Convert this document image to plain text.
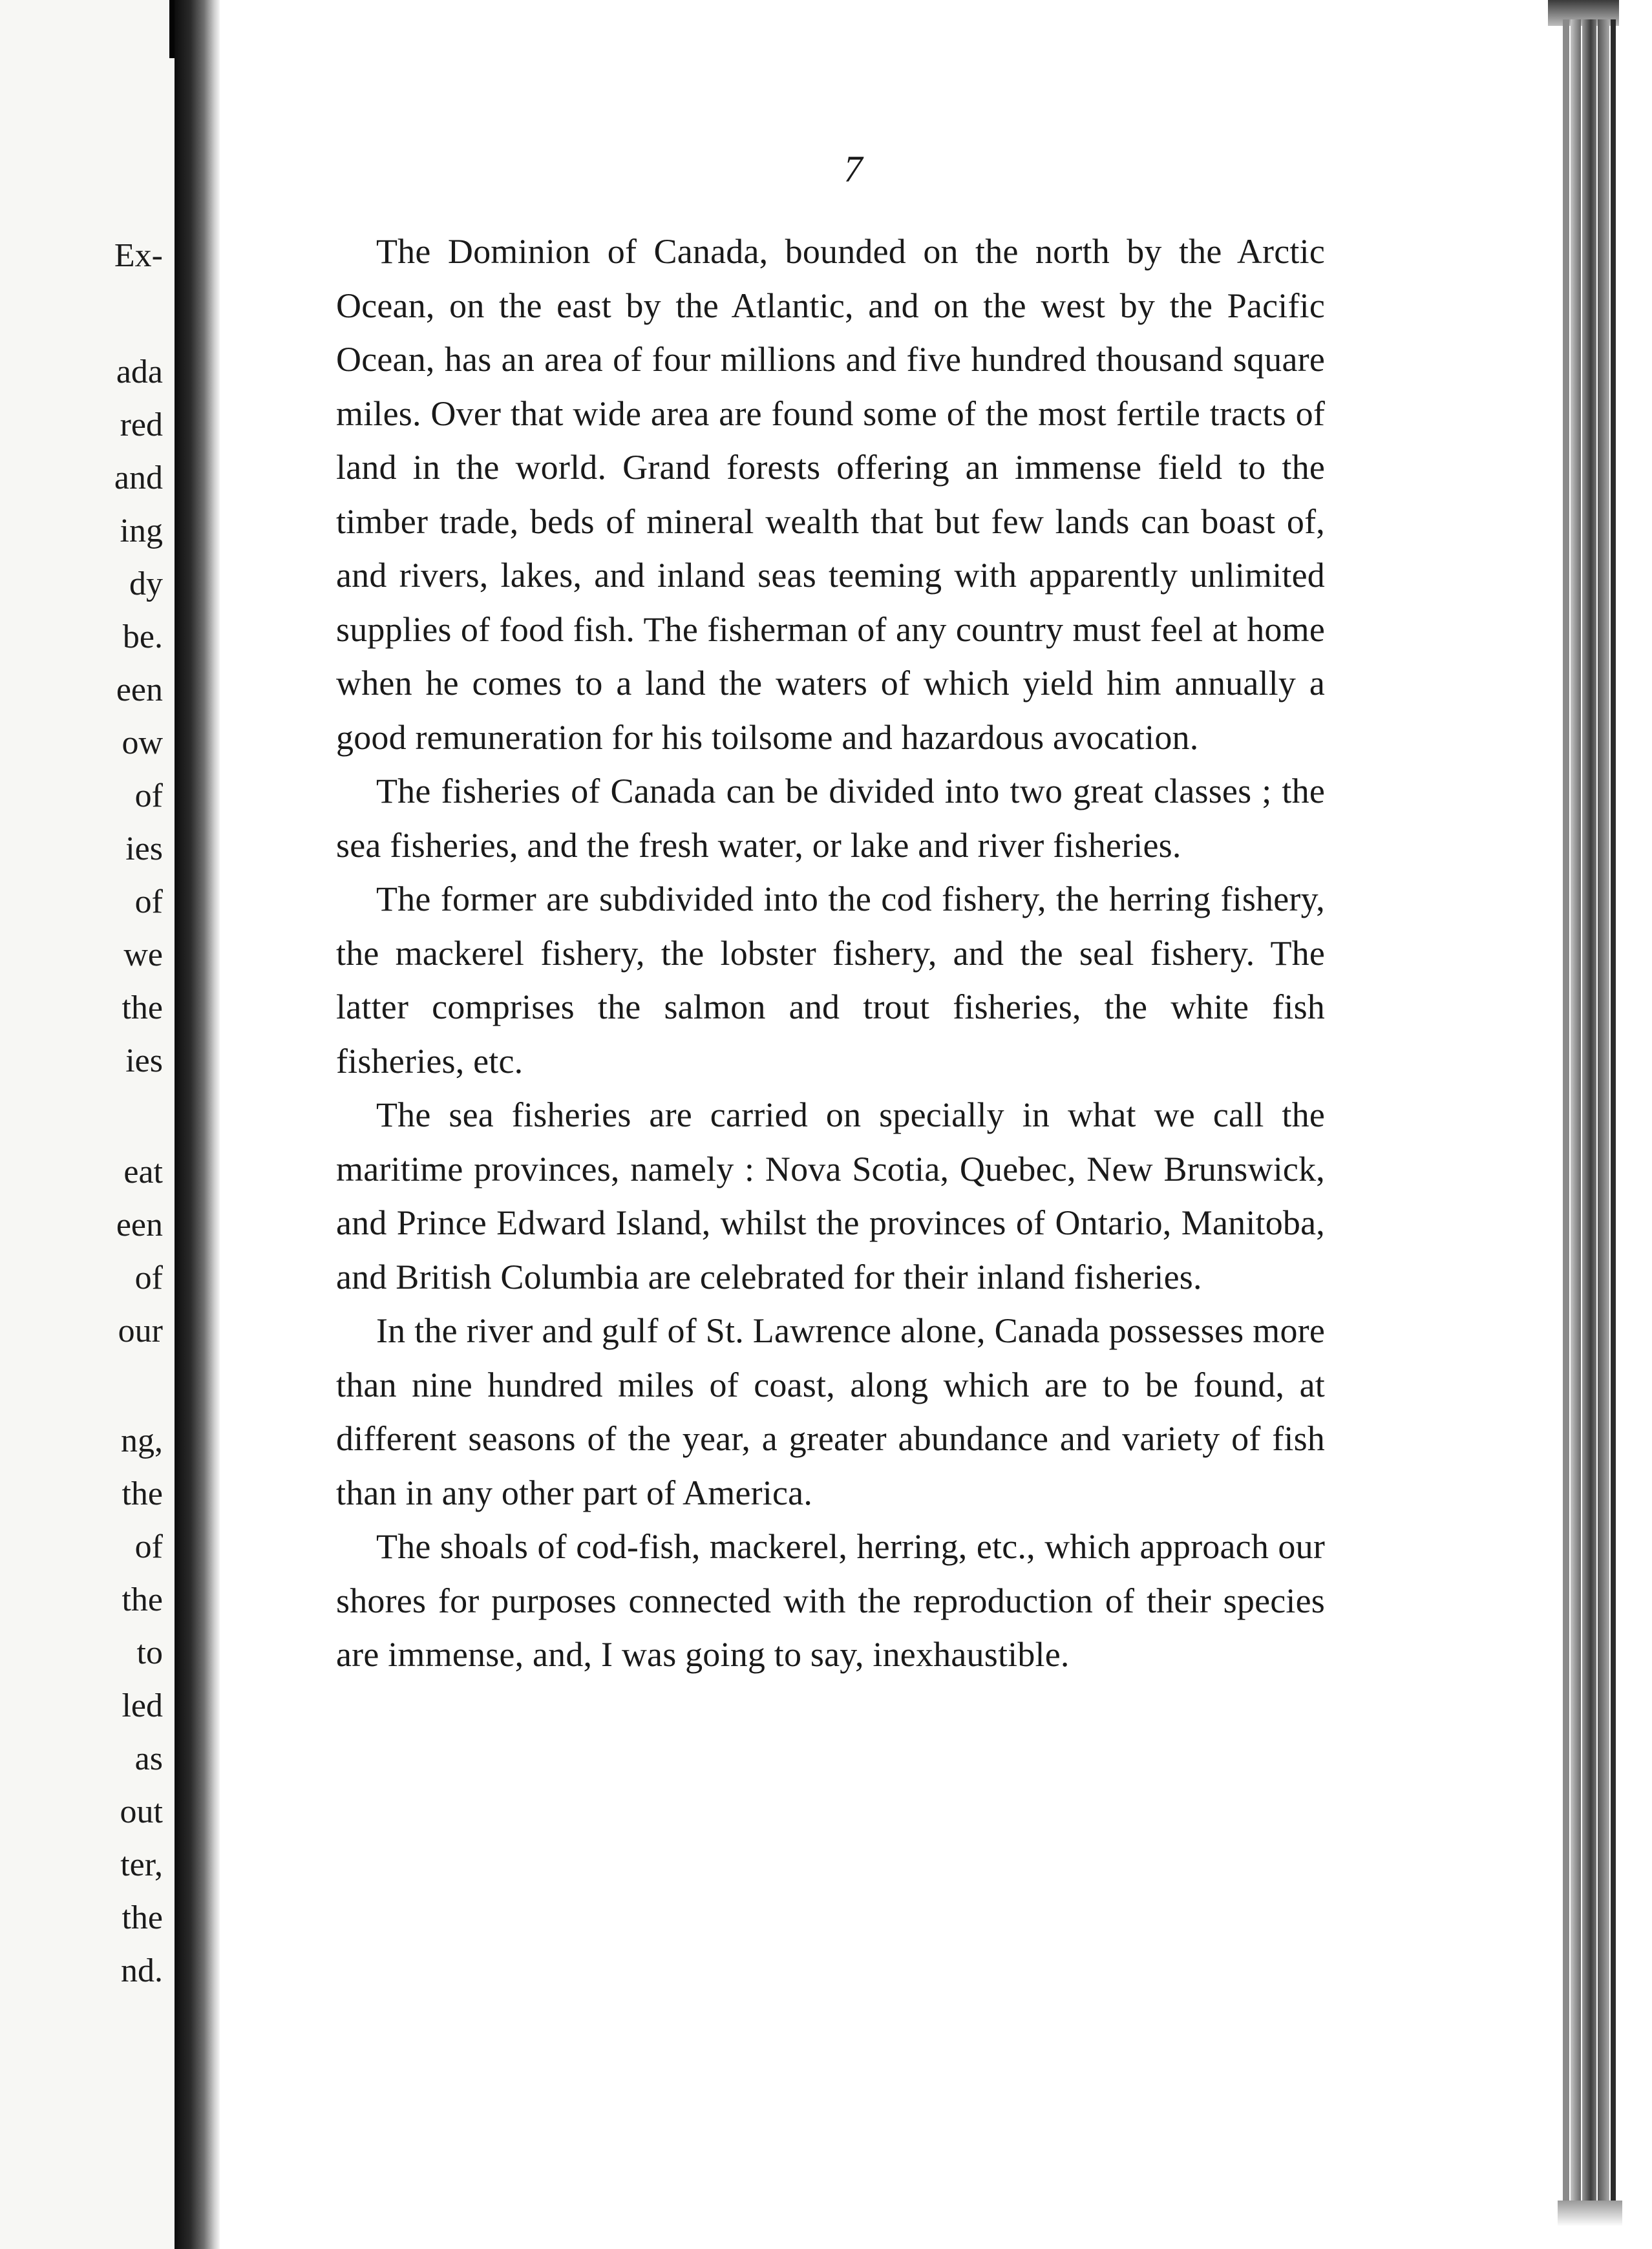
Ex-
ada
red
and
ing
dy
be.
een
ow
of
ies
of
we
the
ies
eat
een
of
our
ng,
the
of
the
to
led
as
out
ter,
the
nd.
7

The Dominion of Canada, bounded on the north by the Arctic Ocean, on the east by the Atlantic, and on the west by the Pacific Ocean, has an area of four millions and five hundred thousand square miles. Over that wide area are found some of the most fertile tracts of land in the world. Grand forests offering an immense field to the timber trade, beds of mineral wealth that but few lands can boast of, and rivers, lakes, and inland seas teeming with apparently unlimited supplies of food fish. The fisherman of any country must feel at home when he comes to a land the waters of which yield him annually a good remuneration for his toilsome and hazardous avocation.

The fisheries of Canada can be divided into two great classes ; the sea fisheries, and the fresh water, or lake and river fisheries.

The former are subdivided into the cod fishery, the herring fishery, the mackerel fishery, the lobster fishery, and the seal fishery. The latter comprises the salmon and trout fisheries, the white fish fisheries, etc.

The sea fisheries are carried on specially in what we call the maritime provinces, namely : Nova Scotia, Quebec, New Brunswick, and Prince Edward Island, whilst the provinces of Ontario, Manitoba, and British Columbia are celebrated for their inland fisheries.

In the river and gulf of St. Lawrence alone, Canada possesses more than nine hundred miles of coast, along which are to be found, at different seasons of the year, a greater abundance and variety of fish than in any other part of America.

The shoals of cod-fish, mackerel, herring, etc., which approach our shores for purposes connected with the reproduction of their species are immense, and, I was going to say, inexhaustible.
